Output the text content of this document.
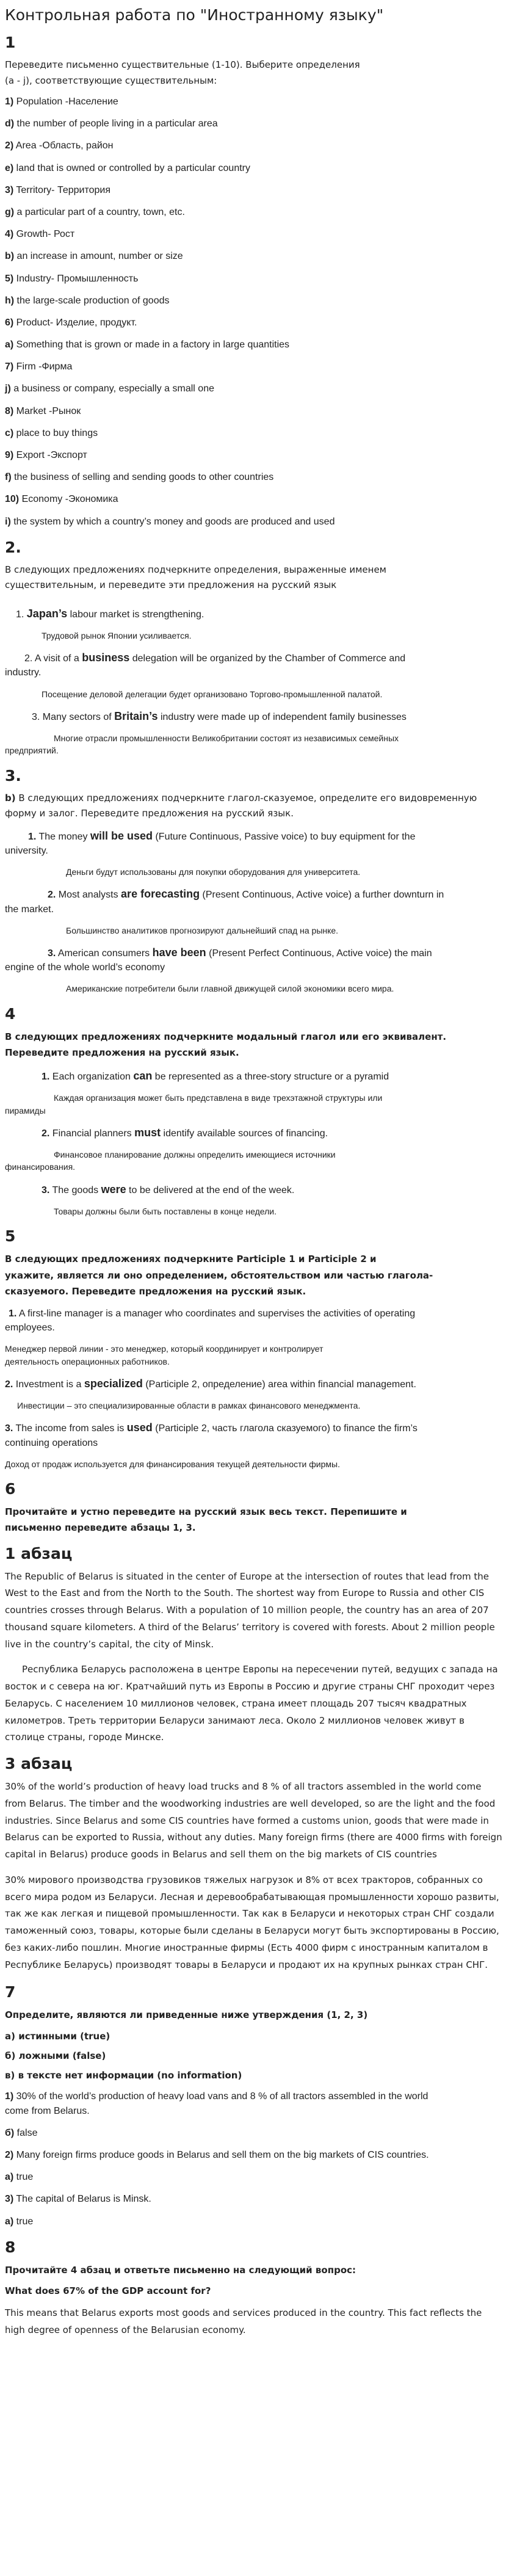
Контрольная работа по "Иностранному языку"
1

Переведите письменно существительные (1-10). Выберите определения

(a - j), соответствующие существительным:

1) Population -Население

d) the number of people living in a particular area

2) Area -Область, район

e) land that is owned or controlled by a particular country

3) Territory- Территория

g) a particular part of a country, town, etc.

4) Growth- Рост

b) an increase in amount, number or size

5) Industry- Промышленность

h) the large-scale production of goods

6) Product- Изделие, продукт.

a) Something that is grown or made in a factory in large quantities

7) Firm -Фирма

j) a business or company, especially a small one

8) Market -Рынок

c) place to buy things

9) Export -Экспорт

f) the business of selling and sending goods to other countries

10) Economy -Экономика

i) the system by which a country’s money and goods are produced and used

2.

В следующих предложениях подчеркните определения, выраженные именем

существительным, и переведите эти предложения на русский язык

1. Japan’s labour market is strengthening.

Трудовой рынок Японии усиливается.

2. A visit of a business delegation will be organized by the Chamber of Commerce and

industry.

Посещение деловой делегации будет организовано Торгово-промышленной палатой.

3. Many sectors of Britain’s industry were made up of independent family businesses

Многие отрасли промышленности Великобритании состоят из независимых семейных

предприятий.

3.

b) В следующих предложениях подчеркните глагол-сказуемое, определите его видовременную

форму и залог. Переведите предложения на русский язык.

1. The money will be used (Future Continuous, Passive voice) to buy equipment for the

university.

Деньги будут использованы для покупки оборудования для университета.

2. Most analysts are forecasting (Present Continuous, Active voice) a further downturn in

the market.

Большинство аналитиков прогнозируют дальнейший спад на рынке.

3. American consumers have been (Present Perfect Continuous, Active voice) the main

engine of the whole world’s economy

Американские потребители были главной движущей силой экономики всего мира.

4

В следующих предложениях подчеркните модальный глагол или его эквивалент.

Переведите предложения на русский язык.

1. Each organization can be represented as a three-story structure or a pyramid

Каждая организация может быть представлена в виде трехэтажной структуры или

пирамиды

2. Financial planners must identify available sources of financing.

Финансовое планирование должны определить имеющиеся источники

финансирования.

3. The goods were to be delivered at the end of the week.

Товары должны были быть поставлены в конце недели.

5

В следующих предложениях подчеркните Participle 1 и Participle 2 и

укажите, является ли оно определением, обстоятельством или частью глагола-

сказуемого. Переведите предложения на русский язык.

1. A first-line manager is a manager who coordinates and supervises the activities of operating

employees.

Менеджер первой линии - это менеджер, который координирует и контролирует

деятельность операционных работников.

2. Investment is a specialized (Participle 2, определение) area within financial management.

Инвестиции – это специализированные области в рамках финансового менеджмента.

3. The income from sales is used (Participle 2, часть глагола сказуемого) to finance the firm’s

continuing operations

Доход от продаж используется для финансирования текущей деятельности фирмы.

6

Прочитайте и устно переведите на русский язык весь текст. Перепишите и

письменно переведите абзацы 1, 3.

1 абзац

The Republic of Belarus is situated in the center of Europe at the intersection of routes that lead from the West to the East and from the North to the South. The shortest way from Europe to Russia and other CIS countries crosses through Belarus. With a population of 10 million people, the country has an area of 207 thousand square kilometers. A third of the Belarus’ territory is covered with forests. About 2 million people live in the country’s capital, the city of Minsk.

Республика Беларусь расположена в центре Европы на пересечении путей, ведущих с запада на восток и с севера на юг. Кратчайший путь из Европы в Россию и другие страны СНГ проходит через Беларусь. С населением 10 миллионов человек, страна имеет площадь 207 тысяч квадратных километров. Треть территории Беларуси занимают леса. Около 2 миллионов человек живут в столице страны, городе Минске.

3 абзац

30% of the world’s production of heavy load trucks and 8 % of all tractors assembled in the world come from Belarus. The timber and the woodworking industries are well developed, so are the light and the food industries. Since Belarus and some CIS countries have formed a customs union, goods that were made in Belarus can be exported to Russia, without any duties. Many foreign firms (there are 4000 firms with foreign capital in Belarus) produce goods in Belarus and sell them on the big markets of CIS countries

30% мирового производства грузовиков тяжелых нагрузок и 8% от всех тракторов, собранных со всего мира родом из Беларуси. Лесная и деревообрабатывающая промышленности хорошо развиты, так же как легкая и пищевой промышленности. Так как в Беларуси и некоторых стран СНГ создали таможенный союз, товары, которые были сделаны в Беларуси могут быть экспортированы в Россию, без каких-либо пошлин. Многие иностранные фирмы (Есть 4000 фирм с иностранным капиталом в Республике Беларусь) производят товары в Беларуси и продают их на крупных рынках стран СНГ.

7

Определите, являются ли приведенные ниже утверждения (1, 2, 3)

a) истинными (true)

б) ложными (false)

в) в тексте нет информации (no information)

1) 30% of the world’s production of heavy load vans and 8 % of all tractors assembled in the world

come from Belarus.

б) false

2) Many foreign firms produce goods in Belarus and sell them on the big markets of CIS countries.

a) true

3) The capital of Belarus is Minsk.

a) true

8

Прочитайте 4 абзац и ответьте письменно на следующий вопрос:

What does 67% of the GDP account for?

This means that Belarus exports most goods and services produced in the country. This fact reflects the high degree of openness of the Belarusian economy.
